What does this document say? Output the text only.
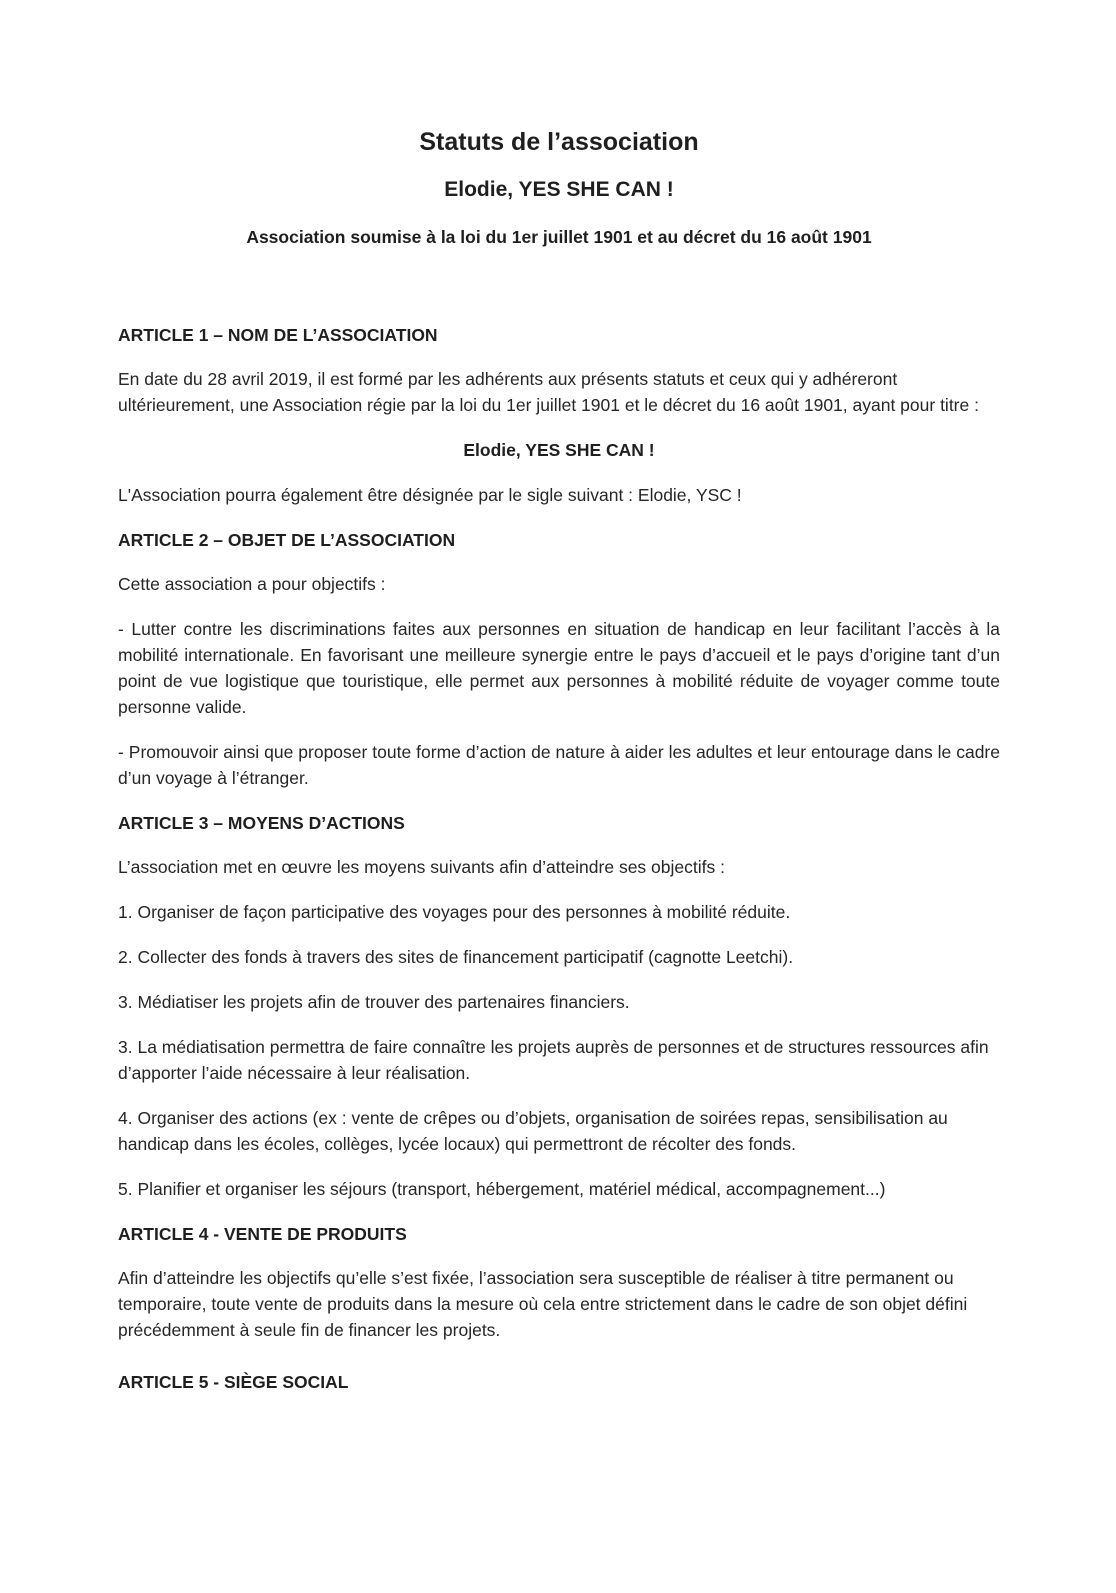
Statuts de l’association
Elodie, YES SHE CAN !
Association soumise à la loi du 1er juillet 1901 et au décret du 16 août 1901
ARTICLE 1 – NOM DE L’ASSOCIATION

En date du 28 avril 2019, il est formé par les adhérents aux présents statuts et ceux qui y adhéreront ultérieurement, une Association régie par la loi du 1er juillet 1901 et le décret du 16 août 1901, ayant pour titre :

Elodie, YES SHE CAN !

L'Association pourra également être désignée par le sigle suivant : Elodie, YSC !

ARTICLE 2 – OBJET DE L’ASSOCIATION

Cette association a pour objectifs :

- Lutter contre les discriminations faites aux personnes en situation de handicap en leur facilitant l’accès à la mobilité internationale. En favorisant une meilleure synergie entre le pays d’accueil et le pays d’origine tant d’un point de vue logistique que touristique, elle permet aux personnes à mobilité réduite de voyager comme toute personne valide.

- Promouvoir ainsi que proposer toute forme d’action de nature à aider les adultes et leur entourage dans le cadre d’un voyage à l’étranger.

ARTICLE 3 – MOYENS D’ACTIONS

L’association met en œuvre les moyens suivants afin d’atteindre ses objectifs :

1. Organiser de façon participative des voyages pour des personnes à mobilité réduite.

2. Collecter des fonds à travers des sites de financement participatif (cagnotte Leetchi).

3. Médiatiser les projets afin de trouver des partenaires financiers.

3. La médiatisation permettra de faire connaître les projets auprès de personnes et de structures ressources afin d’apporter l’aide nécessaire à leur réalisation.

4. Organiser des actions (ex : vente de crêpes ou d’objets, organisation de soirées repas, sensibilisation au handicap dans les écoles, collèges, lycée locaux) qui permettront de récolter des fonds.

5. Planifier et organiser les séjours (transport, hébergement, matériel médical, accompagnement...)

ARTICLE 4 - VENTE DE PRODUITS

Afin d’atteindre les objectifs qu’elle s’est fixée, l’association sera susceptible de réaliser à titre permanent ou temporaire, toute vente de produits dans la mesure où cela entre strictement dans le cadre de son objet défini précédemment à seule fin de financer les projets.

ARTICLE 5 - SIÈGE SOCIAL
